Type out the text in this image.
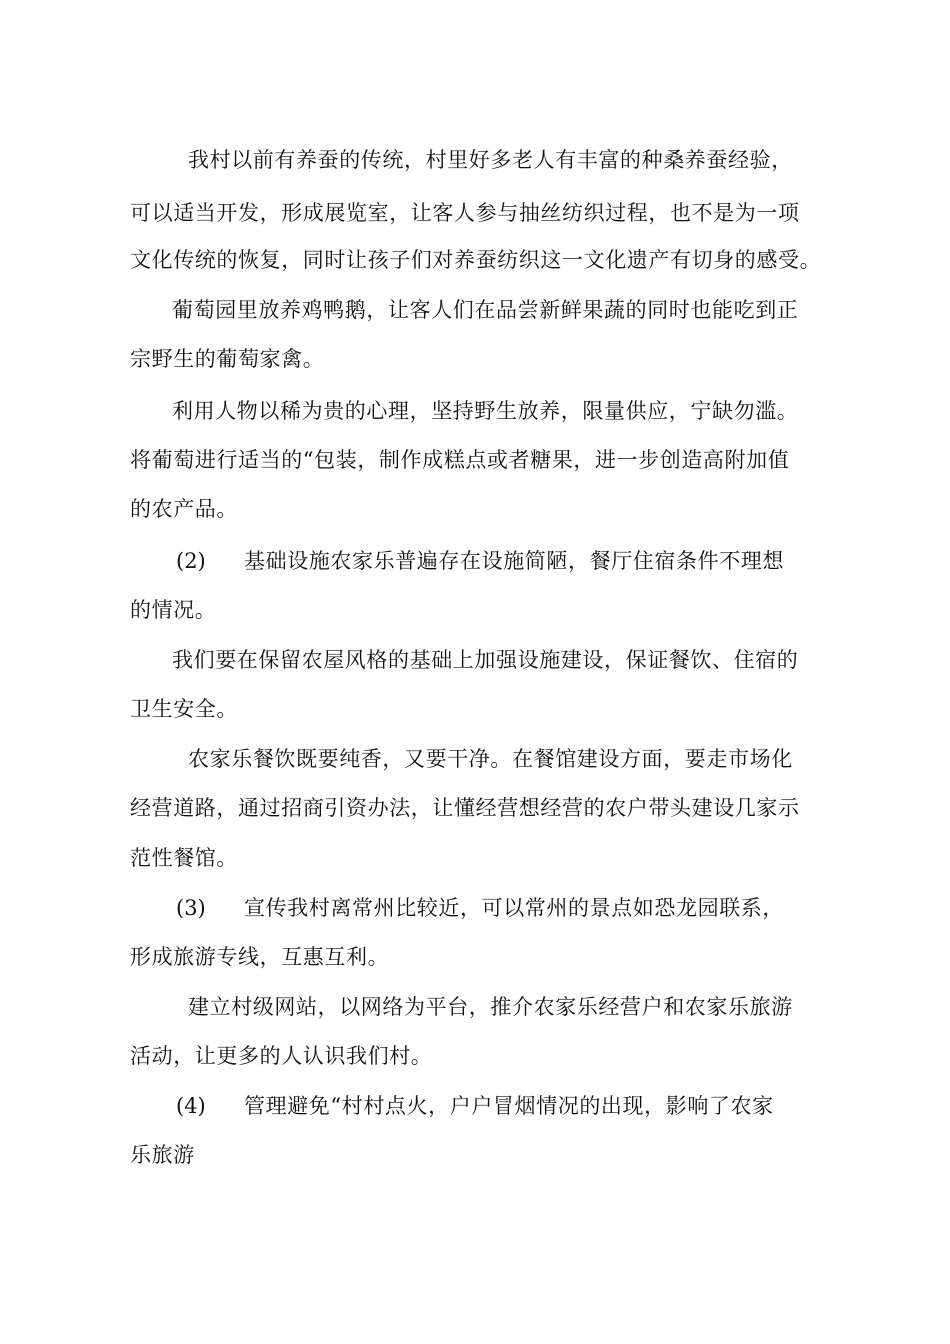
我村以前有养蚕的传统，村里好多老人有丰富的种桑养蚕经验，
可以适当开发，形成展览室，让客人参与抽丝纺织过程，也不是为一项
文化传统的恢复，同时让孩子们对养蚕纺织这一文化遗产有切身的感受。
葡萄园里放养鸡鸭鹅，让客人们在品尝新鲜果蔬的同时也能吃到正
宗野生的葡萄家禽。
利用人物以稀为贵的心理，坚持野生放养，限量供应，宁缺勿滥。
将葡萄进行适当的“包装，制作成糕点或者糖果，进一步创造高附加值
的农产品。
(2) 基础设施农家乐普遍存在设施简陋，餐厅住宿条件不理想
的情况。
我们要在保留农屋风格的基础上加强设施建设，保证餐饮、住宿的
卫生安全。
农家乐餐饮既要纯香，又要干净。在餐馆建设方面，要走市场化
经营道路，通过招商引资办法，让懂经营想经营的农户带头建设几家示
范性餐馆。
(3) 宣传我村离常州比较近，可以常州的景点如恐龙园联系，
形成旅游专线，互惠互利。
建立村级网站，以网络为平台，推介农家乐经营户和农家乐旅游
活动，让更多的人认识我们村。
(4) 管理避免“村村点火，户户冒烟情况的出现，影响了农家
乐旅游
